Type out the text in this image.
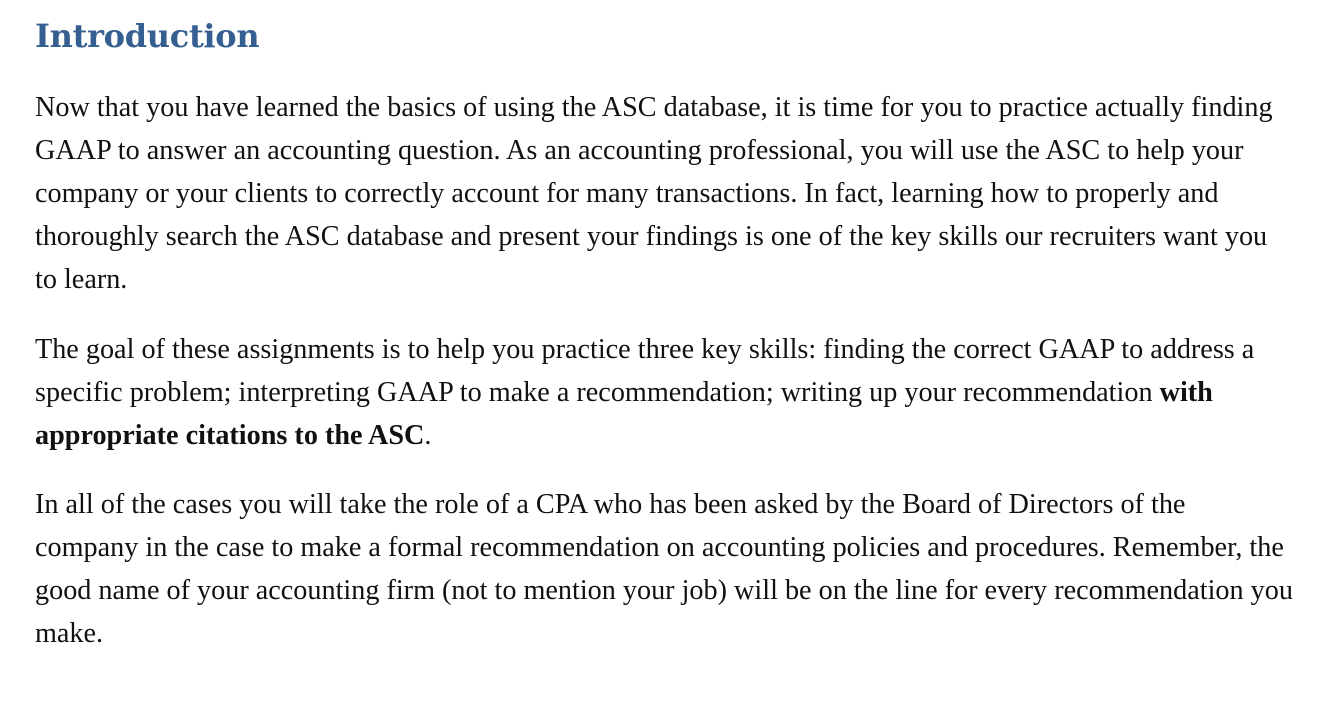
Introduction

Now that you have learned the basics of using the ASC database, it is time for you to practice actually finding GAAP to answer an accounting question. As an accounting professional, you will use the ASC to help your company or your clients to correctly account for many transactions. In fact, learning how to properly and thoroughly search the ASC database and present your findings is one of the key skills our recruiters want you to learn.

The goal of these assignments is to help you practice three key skills: finding the correct GAAP to address a specific problem; interpreting GAAP to make a recommendation; writing up your recommendation with appropriate citations to the ASC.

In all of the cases you will take the role of a CPA who has been asked by the Board of Directors of the company in the case to make a formal recommendation on accounting policies and procedures. Remember, the good name of your accounting firm (not to mention your job) will be on the line for every recommendation you make.
